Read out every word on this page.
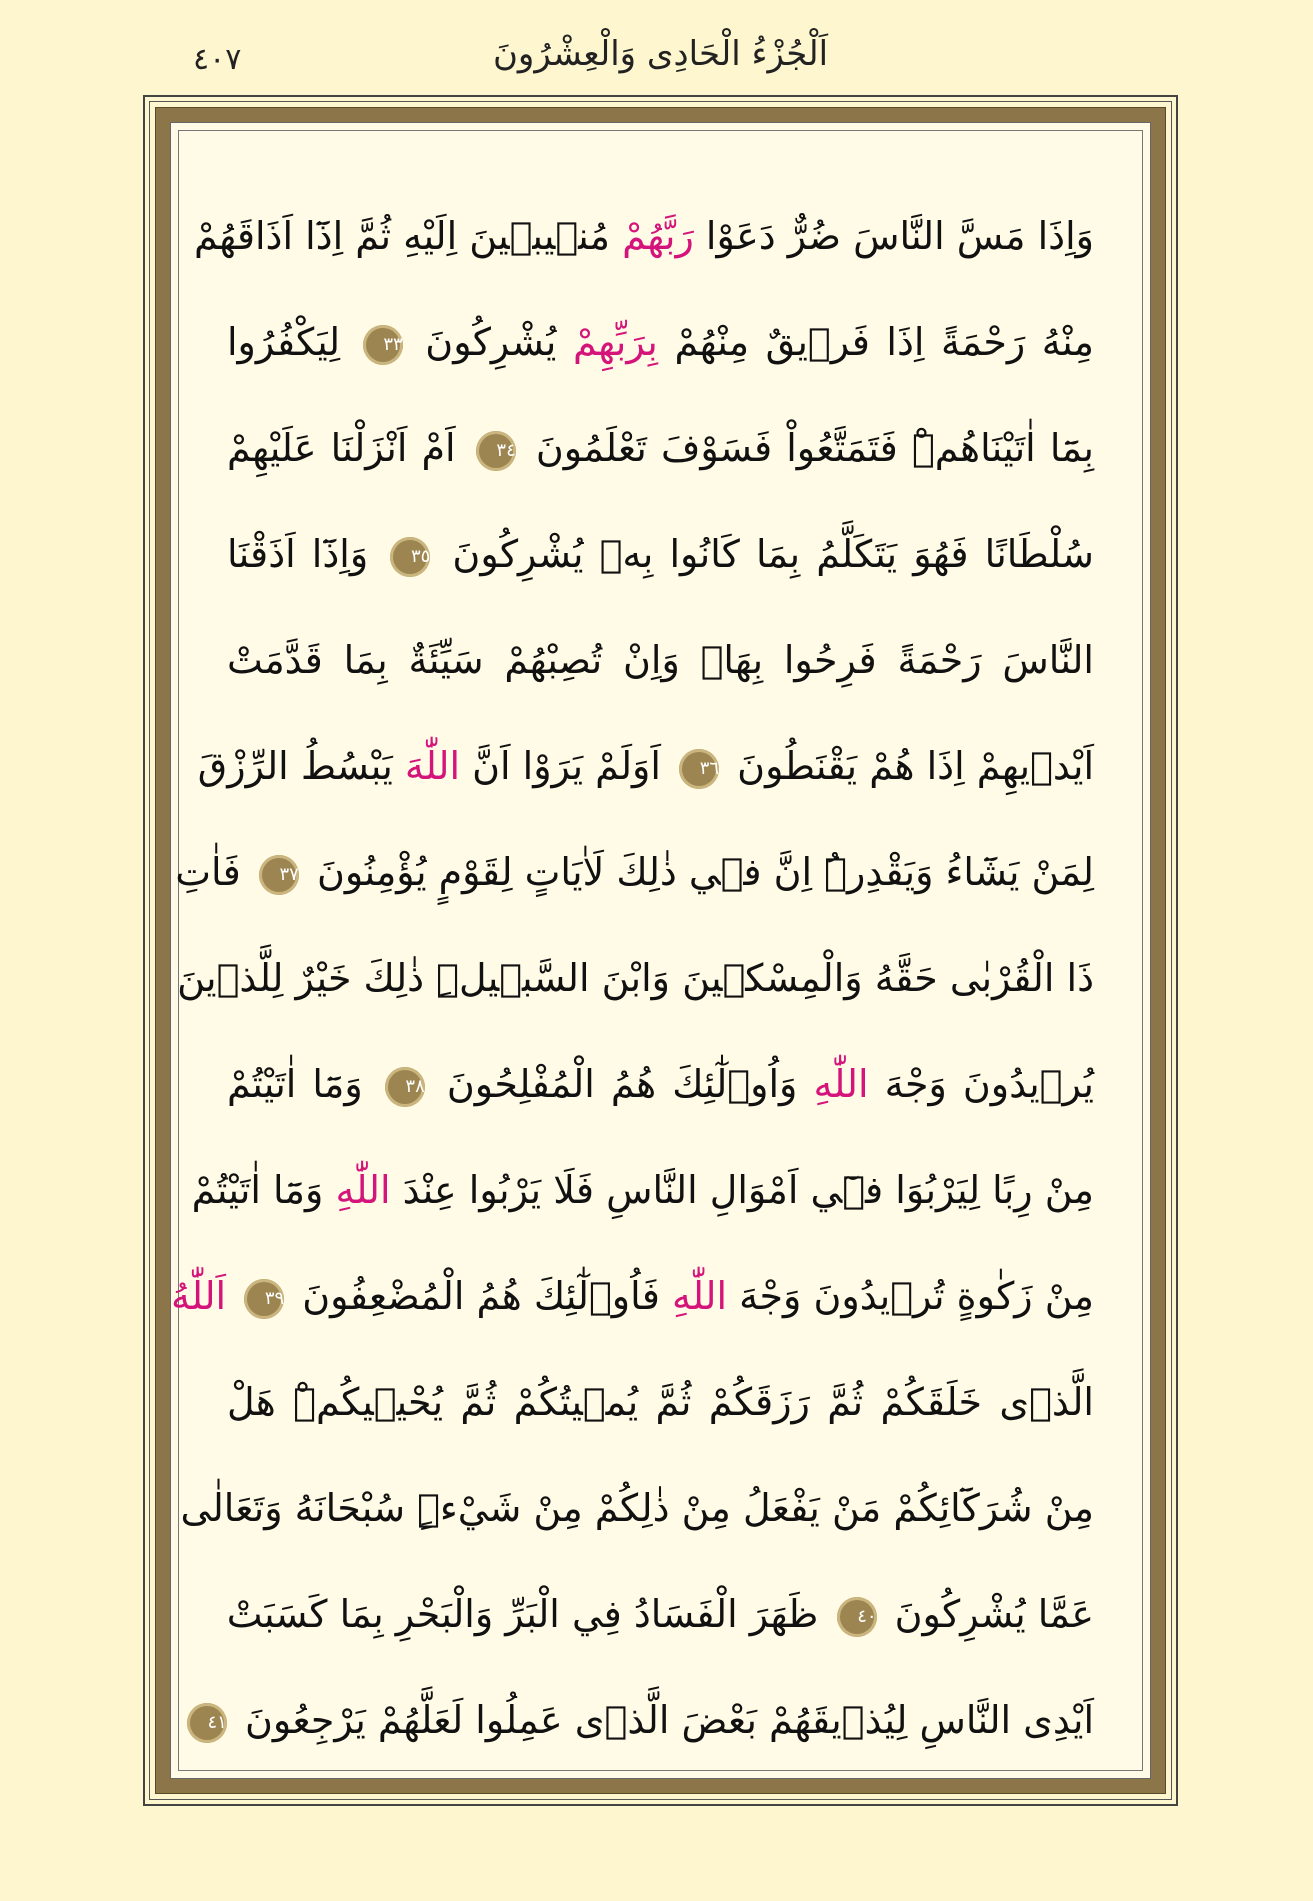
اَلْجُزْءُ الْحَادِى وَالْعِشْرُونَ
٤٠٧
وَاِذَا مَسَّ النَّاسَ ضُرٌّ دَعَوْا رَبَّهُمْ مُنٖيبٖينَ اِلَيْهِ ثُمَّ اِذَٓا اَذَاقَهُمْ
مِنْهُ رَحْمَةً اِذَا فَرٖيقٌ مِنْهُمْ بِرَبِّهِمْ يُشْرِكُونَ ٣٣ لِيَكْفُرُوا
بِمَٓا اٰتَيْنَاهُمْۜ فَتَمَتَّعُواْ فَسَوْفَ تَعْلَمُونَ ٣٤ اَمْ اَنْزَلْنَا عَلَيْهِمْ
سُلْطَانًا فَهُوَ يَتَكَلَّمُ بِمَا كَانُوا بِهٖ يُشْرِكُونَ ٣٥ وَاِذَٓا اَذَقْنَا
النَّاسَ رَحْمَةً فَرِحُوا بِهَاۜ وَاِنْ تُصِبْهُمْ سَيِّئَةٌ بِمَا قَدَّمَتْ
اَيْدٖيهِمْ اِذَا هُمْ يَقْنَطُونَ ٣٦ اَوَلَمْ يَرَوْا اَنَّ اللّٰهَ يَبْسُطُ الرِّزْقَ
لِمَنْ يَشَٓاءُ وَيَقْدِرُۜ اِنَّ فٖي ذٰلِكَ لَاٰيَاتٍ لِقَوْمٍ يُؤْمِنُونَ ٣٧ فَاٰتِ
ذَا الْقُرْبٰى حَقَّهُ وَالْمِسْكٖينَ وَابْنَ السَّبٖيلِۜ ذٰلِكَ خَيْرٌ لِلَّذٖينَ
يُرٖيدُونَ وَجْهَ اللّٰهِ وَاُو۬لٰٓئِكَ هُمُ الْمُفْلِحُونَ ٣٨ وَمَٓا اٰتَيْتُمْ
مِنْ رِبًا لِيَرْبُوَا فٖٓي اَمْوَالِ النَّاسِ فَلَا يَرْبُوا عِنْدَ اللّٰهِ وَمَٓا اٰتَيْتُمْ
مِنْ زَكٰوةٍ تُرٖيدُونَ وَجْهَ اللّٰهِ فَاُو۬لٰٓئِكَ هُمُ الْمُضْعِفُونَ ٣٩ اَللّٰهُ
الَّذٖى خَلَقَكُمْ ثُمَّ رَزَقَكُمْ ثُمَّ يُمٖيتُكُمْ ثُمَّ يُحْيٖيكُمْۜ هَلْ
مِنْ شُرَكَٓائِكُمْ مَنْ يَفْعَلُ مِنْ ذٰلِكُمْ مِنْ شَيْءٍۜ سُبْحَانَهُ وَتَعَالٰى
عَمَّا يُشْرِكُونَ ٤٠ ظَهَرَ الْفَسَادُ فِي الْبَرِّ وَالْبَحْرِ بِمَا كَسَبَتْ
اَيْدِى النَّاسِ لِيُذٖيقَهُمْ بَعْضَ الَّذٖى عَمِلُوا لَعَلَّهُمْ يَرْجِعُونَ ٤١
